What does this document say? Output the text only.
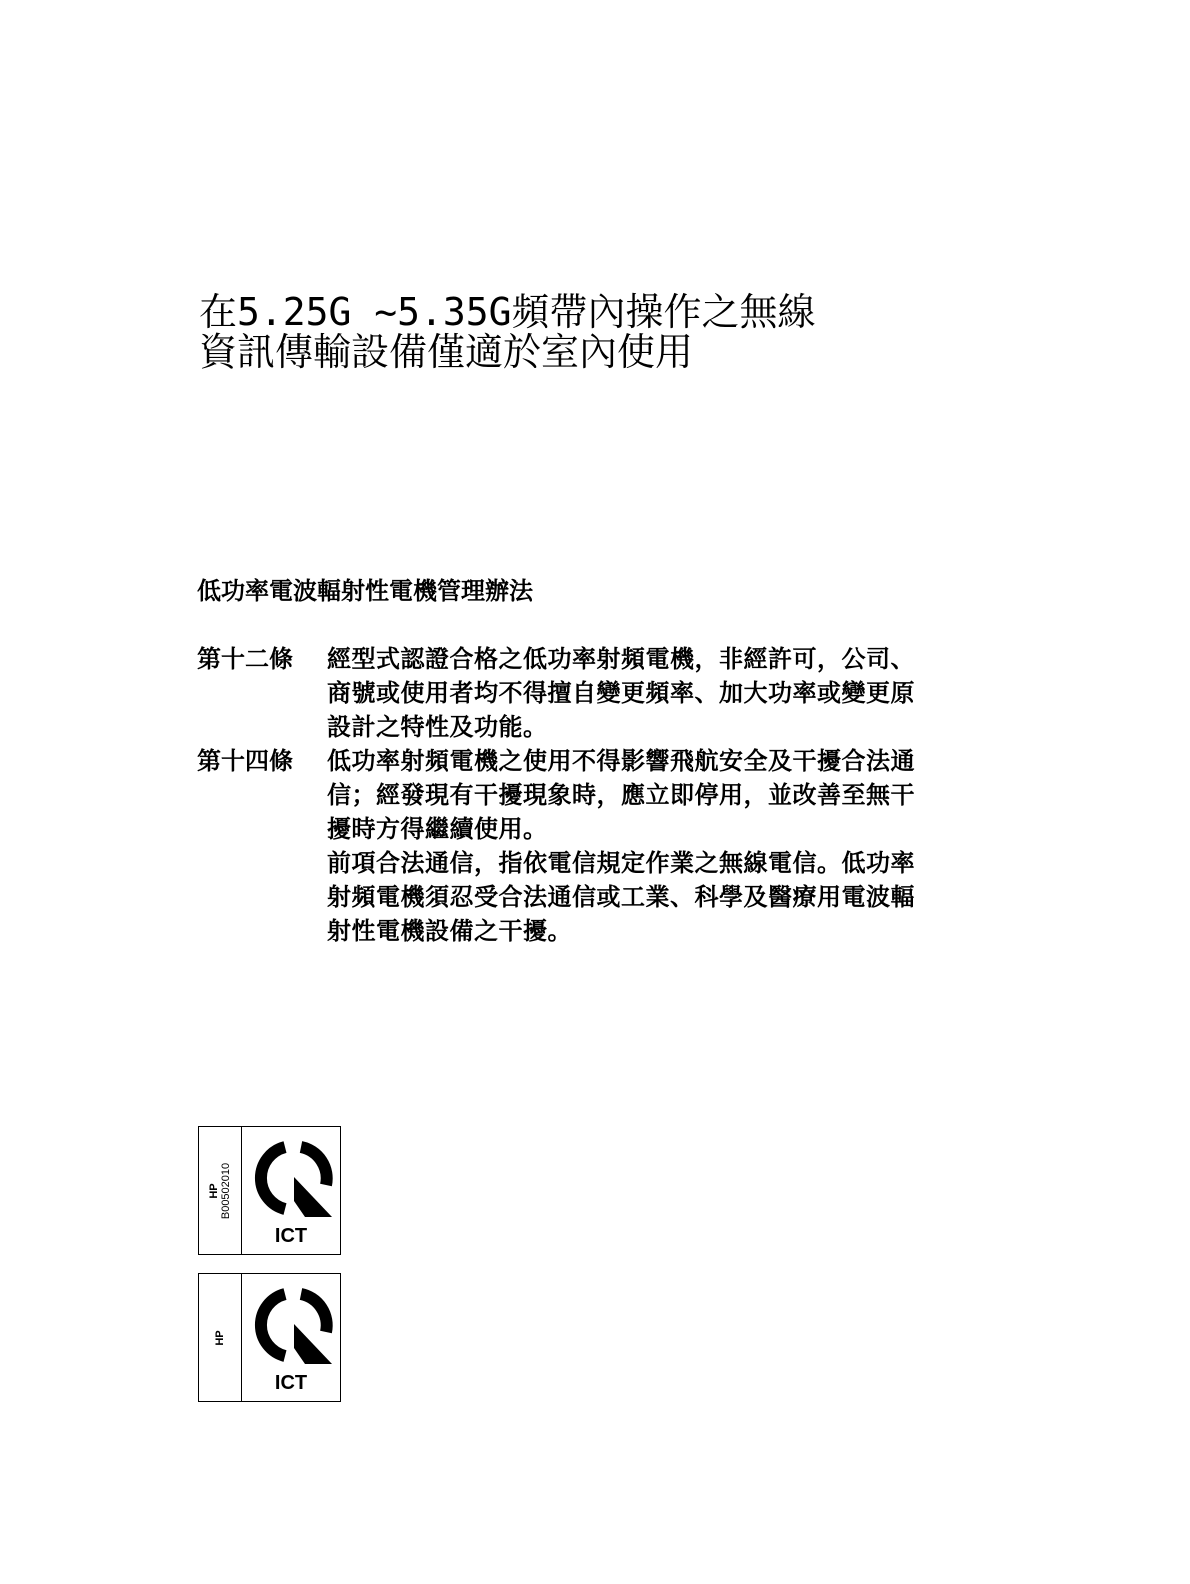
在5.25G ~5.35G頻帶內操作之無線
資訊傳輸設備僅適於室內使用
低功率電波輻射性電機管理辦法
第十二條	經型式認證合格之低功率射頻電機，非經許可，公司、
商號或使用者均不得擅自變更頻率、加大功率或變更原
設計之特性及功能。
第十四條	低功率射頻電機之使用不得影響飛航安全及干擾合法通
信；經發現有干擾現象時，應立即停用，並改善至無干
擾時方得繼續使用。
前項合法通信，指依電信規定作業之無線電信。低功率
射頻電機須忍受合法通信或工業、科學及醫療用電波輻
射性電機設備之干擾。
HP B00502010
ICT
HP
ICT
